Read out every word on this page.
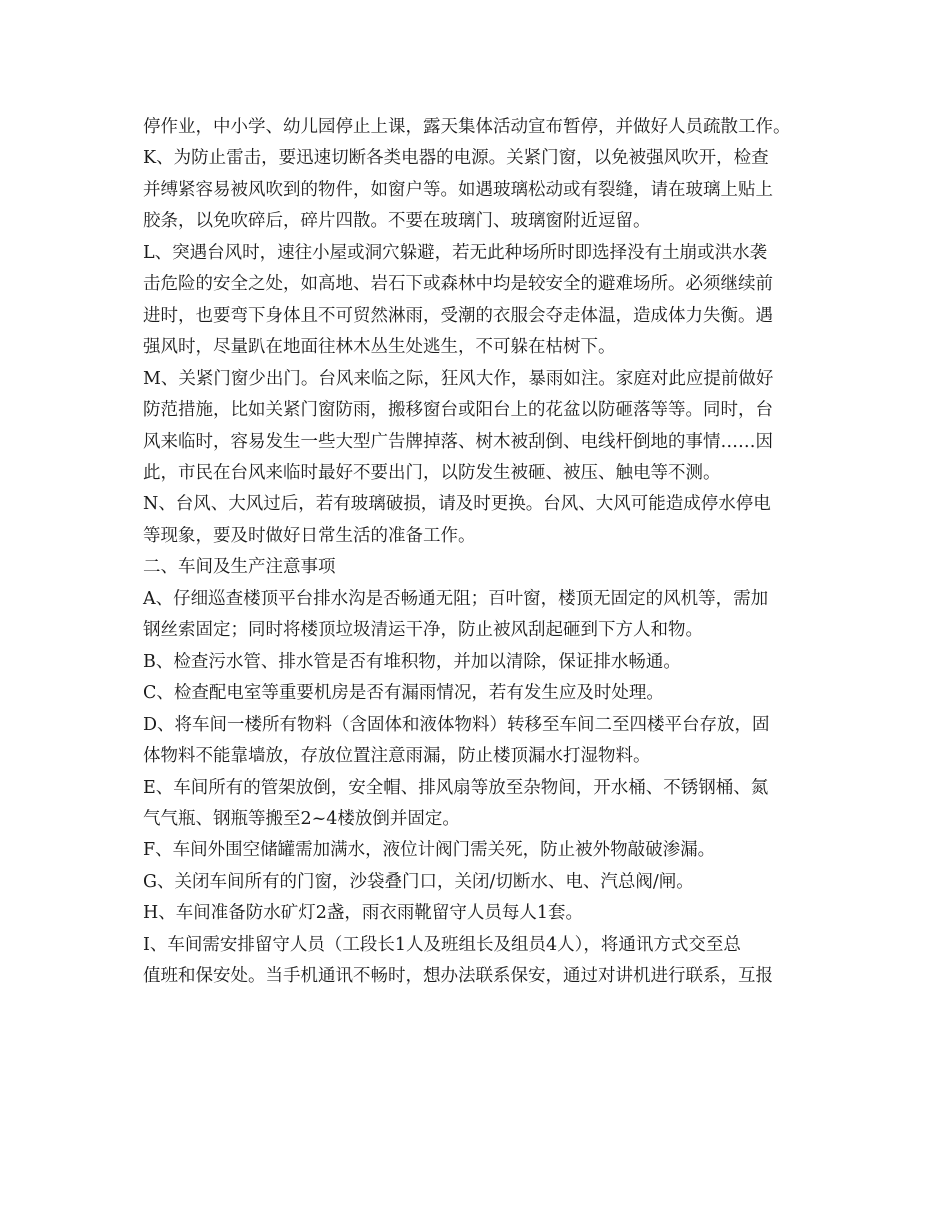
停作业，中小学、幼儿园停止上课，露天集体活动宣布暂停，并做好人员疏散工作。
K、为防止雷击，要迅速切断各类电器的电源。关紧门窗，以免被强风吹开，检查
并缚紧容易被风吹到的物件，如窗户等。如遇玻璃松动或有裂缝，请在玻璃上贴上
胶条，以免吹碎后，碎片四散。不要在玻璃门、玻璃窗附近逗留。
L、突遇台风时，速往小屋或洞穴躲避，若无此种场所时即选择没有土崩或洪水袭
击危险的安全之处，如高地、岩石下或森林中均是较安全的避难场所。必须继续前
进时，也要弯下身体且不可贸然淋雨，受潮的衣服会夺走体温，造成体力失衡。遇
强风时，尽量趴在地面往林木丛生处逃生，不可躲在枯树下。
M、关紧门窗少出门。台风来临之际，狂风大作，暴雨如注。家庭对此应提前做好
防范措施，比如关紧门窗防雨，搬移窗台或阳台上的花盆以防砸落等等。同时，台
风来临时，容易发生一些大型广告牌掉落、树木被刮倒、电线杆倒地的事情……因
此，市民在台风来临时最好不要出门，以防发生被砸、被压、触电等不测。
N、台风、大风过后，若有玻璃破损，请及时更换。台风、大风可能造成停水停电
等现象，要及时做好日常生活的准备工作。
二、车间及生产注意事项
A、仔细巡查楼顶平台排水沟是否畅通无阻；百叶窗，楼顶无固定的风机等，需加
钢丝索固定；同时将楼顶垃圾清运干净，防止被风刮起砸到下方人和物。
B、检查污水管、排水管是否有堆积物，并加以清除，保证排水畅通。
C、检查配电室等重要机房是否有漏雨情况，若有发生应及时处理。
D、将车间一楼所有物料（含固体和液体物料）转移至车间二至四楼平台存放，固
体物料不能靠墙放，存放位置注意雨漏，防止楼顶漏水打湿物料。
E、车间所有的管架放倒，安全帽、排风扇等放至杂物间，开水桶、不锈钢桶、氮
气气瓶、钢瓶等搬至2~4楼放倒并固定。
F、车间外围空储罐需加满水，液位计阀门需关死，防止被外物敲破渗漏。
G、关闭车间所有的门窗，沙袋叠门口，关闭/切断水、电、汽总阀/闸。
H、车间准备防水矿灯2盏，雨衣雨靴留守人员每人1套。
I、车间需安排留守人员（工段长1人及班组长及组员4人），将通讯方式交至总
值班和保安处。当手机通讯不畅时，想办法联系保安，通过对讲机进行联系，互报
